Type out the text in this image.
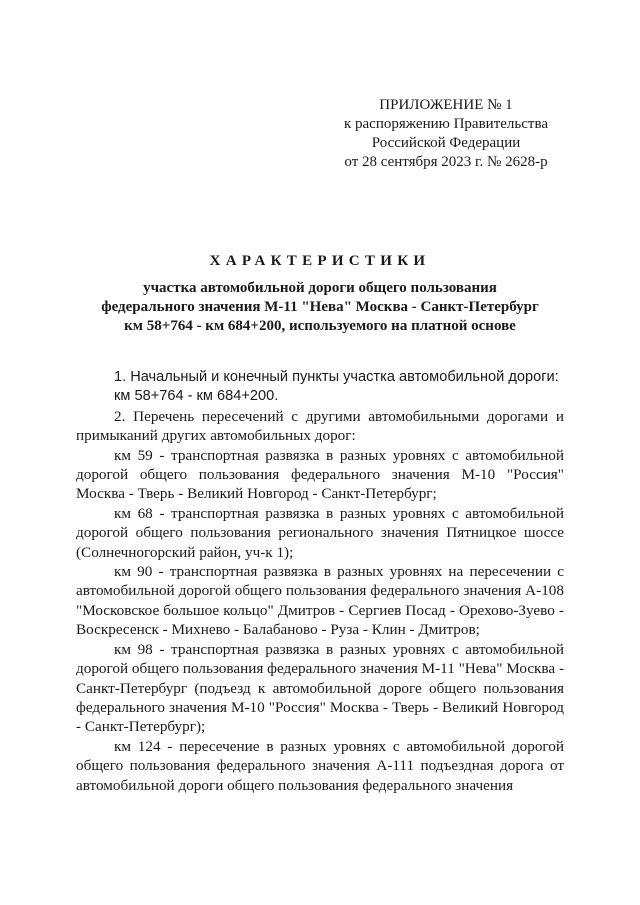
ПРИЛОЖЕНИЕ № 1
к распоряжению Правительства
Российской Федерации
от 28 сентября 2023 г. № 2628-р
ХАРАКТЕРИСТИКИ
участка автомобильной дороги общего пользования
федерального значения М-11 "Нева" Москва - Санкт-Петербург
км 58+764 - км 684+200, используемого на платной основе

1. Начальный и конечный пункты участка автомобильной дороги:

км 58+764 - км 684+200.

2. Перечень пересечений с другими автомобильными дорогами и примыканий других автомобильных дорог:

км 59 - транспортная развязка в разных уровнях с автомобильной дорогой общего пользования федерального значения М-10 "Россия" Москва - Тверь - Великий Новгород - Санкт-Петербург;

км 68 - транспортная развязка в разных уровнях с автомобильной дорогой общего пользования регионального значения Пятницкое шоссе (Солнечногорский район, уч-к 1);

км 90 - транспортная развязка в разных уровнях на пересечении с автомобильной дорогой общего пользования федерального значения А-108 "Московское большое кольцо" Дмитров - Сергиев Посад - Орехово-Зуево - Воскресенск - Михнево - Балабаново - Руза - Клин - Дмитров;

км 98 - транспортная развязка в разных уровнях с автомобильной дорогой общего пользования федерального значения М-11 "Нева" Москва - Санкт-Петербург (подъезд к автомобильной дороге общего пользования федерального значения М-10 "Россия" Москва - Тверь - Великий Новгород - Санкт-Петербург);

км 124 - пересечение в разных уровнях с автомобильной дорогой общего пользования федерального значения А-111 подъездная дорога от автомобильной дороги общего пользования федерального значения
